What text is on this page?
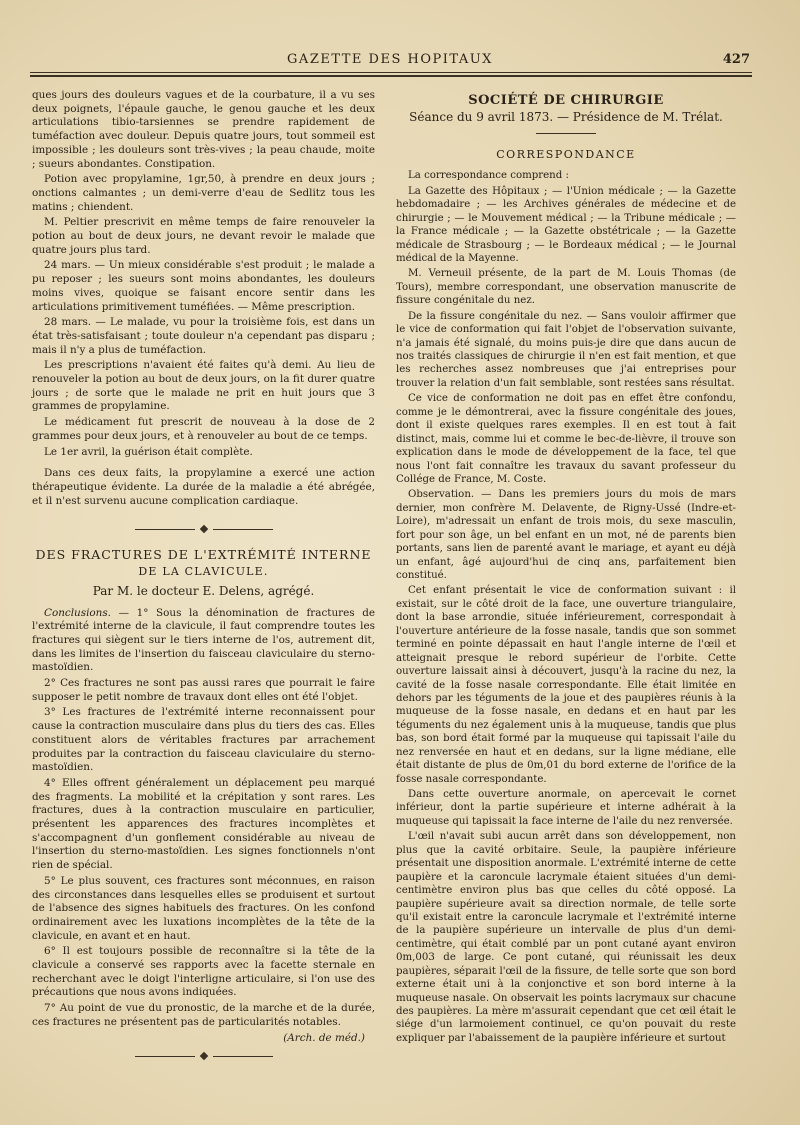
GAZETTE DES HOPITAUX	427

ques jours des douleurs vagues et de la courbature, il a vu ses deux poignets, l'épaule gauche, le genou gauche et les deux articulations tibio-tarsiennes se prendre rapidement de tuméfaction avec douleur. Depuis quatre jours, tout sommeil est impossible ; les douleurs sont très-vives ; la peau chaude, moite ; sueurs abondantes. Constipation.

Potion avec propylamine, 1gr,50, à prendre en deux jours ; onctions calmantes ; un demi-verre d'eau de Sedlitz tous les matins ; chiendent.

M. Peltier prescrivit en même temps de faire renouveler la potion au bout de deux jours, ne devant revoir le malade que quatre jours plus tard.

24 mars. — Un mieux considérable s'est produit ; le malade a pu reposer ; les sueurs sont moins abondantes, les douleurs moins vives, quoique se faisant encore sentir dans les articulations primitivement tuméfiées. — Même prescription.

28 mars. — Le malade, vu pour la troisième fois, est dans un état très-satisfaisant ; toute douleur n'a cependant pas disparu ; mais il n'y a plus de tuméfaction.

Les prescriptions n'avaient été faites qu'à demi. Au lieu de renouveler la potion au bout de deux jours, on la fit durer quatre jours ; de sorte que le malade ne prit en huit jours que 3 grammes de propylamine.

Le médicament fut prescrit de nouveau à la dose de 2 grammes pour deux jours, et à renouveler au bout de ce temps.

Le 1er avril, la guérison était complète.

Dans ces deux faits, la propylamine a exercé une action thérapeutique évidente. La durée de la maladie a été abrégée, et il n'est survenu aucune complication cardiaque.

DES FRACTURES DE L'EXTRÉMITÉ INTERNE
DE LA CLAVICULE.
Par M. le docteur E. Delens, agrégé.

Conclusions. — 1° Sous la dénomination de fractures de l'extrémité interne de la clavicule, il faut comprendre toutes les fractures qui siègent sur le tiers interne de l'os, autrement dit, dans les limites de l'insertion du faisceau claviculaire du sterno-mastoïdien.

2° Ces fractures ne sont pas aussi rares que pourrait le faire supposer le petit nombre de travaux dont elles ont été l'objet.

3° Les fractures de l'extrémité interne reconnaissent pour cause la contraction musculaire dans plus du tiers des cas. Elles constituent alors de véritables fractures par arrachement produites par la contraction du faisceau claviculaire du sterno-mastoïdien.

4° Elles offrent généralement un déplacement peu marqué des fragments. La mobilité et la crépitation y sont rares. Les fractures, dues à la contraction musculaire en particulier, présentent les apparences des fractures incomplètes et s'accompagnent d'un gonflement considérable au niveau de l'insertion du sterno-mastoïdien. Les signes fonctionnels n'ont rien de spécial.

5° Le plus souvent, ces fractures sont méconnues, en raison des circonstances dans lesquelles elles se produisent et surtout de l'absence des signes habituels des fractures. On les confond ordinairement avec les luxations incomplètes de la tête de la clavicule, en avant et en haut.

6° Il est toujours possible de reconnaître si la tête de la clavicule a conservé ses rapports avec la facette sternale en recherchant avec le doigt l'interligne articulaire, si l'on use des précautions que nous avons indiquées.

7° Au point de vue du pronostic, de la marche et de la durée, ces fractures ne présentent pas de particularités notables.

(Arch. de méd.)
SOCIÉTÉ DE CHIRURGIE
Séance du 9 avril 1873. — Présidence de M. Trélat.
CORRESPONDANCE

La correspondance comprend :

La Gazette des Hôpitaux ; — l'Union médicale ; — la Gazette hebdomadaire ; — les Archives générales de médecine et de chirurgie ; — le Mouvement médical ; — la Tribune médicale ; — la France médicale ; — la Gazette obstétricale ; — la Gazette médicale de Strasbourg ; — le Bordeaux médical ; — le Journal médical de la Mayenne.

M. Verneuil présente, de la part de M. Louis Thomas (de Tours), membre correspondant, une observation manuscrite de fissure congénitale du nez.

De la fissure congénitale du nez. — Sans vouloir affirmer que le vice de conformation qui fait l'objet de l'observation suivante, n'a jamais été signalé, du moins puis-je dire que dans aucun de nos traités classiques de chirurgie il n'en est fait mention, et que les recherches assez nombreuses que j'ai entreprises pour trouver la relation d'un fait semblable, sont restées sans résultat.

Ce vice de conformation ne doit pas en effet être confondu, comme je le démontrerai, avec la fissure congénitale des joues, dont il existe quelques rares exemples. Il en est tout à fait distinct, mais, comme lui et comme le bec-de-lièvre, il trouve son explication dans le mode de développement de la face, tel que nous l'ont fait connaître les travaux du savant professeur du Collége de France, M. Coste.

Observation. — Dans les premiers jours du mois de mars dernier, mon confrère M. Delavente, de Rigny-Ussé (Indre-et-Loire), m'adressait un enfant de trois mois, du sexe masculin, fort pour son âge, un bel enfant en un mot, né de parents bien portants, sans lien de parenté avant le mariage, et ayant eu déjà un enfant, âgé aujourd'hui de cinq ans, parfaitement bien constitué.

Cet enfant présentait le vice de conformation suivant : il existait, sur le côté droit de la face, une ouverture triangulaire, dont la base arrondie, située inférieurement, correspondait à l'ouverture antérieure de la fosse nasale, tandis que son sommet terminé en pointe dépassait en haut l'angle interne de l'œil et atteignait presque le rebord supérieur de l'orbite. Cette ouverture laissait ainsi à découvert, jusqu'à la racine du nez, la cavité de la fosse nasale correspondante. Elle était limitée en dehors par les téguments de la joue et des paupières réunis à la muqueuse de la fosse nasale, en dedans et en haut par les téguments du nez également unis à la muqueuse, tandis que plus bas, son bord était formé par la muqueuse qui tapissait l'aile du nez renversée en haut et en dedans, sur la ligne médiane, elle était distante de plus de 0m,01 du bord externe de l'orifice de la fosse nasale correspondante.

Dans cette ouverture anormale, on apercevait le cornet inférieur, dont la partie supérieure et interne adhérait à la muqueuse qui tapissait la face interne de l'aile du nez renversée.

L'œil n'avait subi aucun arrêt dans son développement, non plus que la cavité orbitaire. Seule, la paupière inférieure présentait une disposition anormale. L'extrémité interne de cette paupière et la caroncule lacrymale étaient situées d'un demi-centimètre environ plus bas que celles du côté opposé. La paupière supérieure avait sa direction normale, de telle sorte qu'il existait entre la caroncule lacrymale et l'extrémité interne de la paupière supérieure un intervalle de plus d'un demi-centimètre, qui était comblé par un pont cutané ayant environ 0m,003 de large. Ce pont cutané, qui réunissait les deux paupières, séparait l'œil de la fissure, de telle sorte que son bord externe était uni à la conjonctive et son bord interne à la muqueuse nasale. On observait les points lacrymaux sur chacune des paupières. La mère m'assurait cependant que cet œil était le siége d'un larmoiement continuel, ce qu'on pouvait du reste expliquer par l'abaissement de la paupière inférieure et surtout
